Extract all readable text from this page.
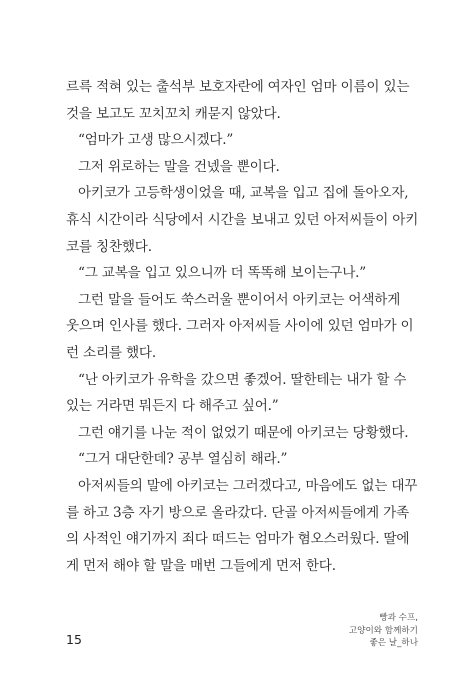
르륵 적혀 있는 출석부 보호자란에 여자인 엄마 이름이 있는
것을 보고도 꼬치꼬치 캐묻지 않았다.
“엄마가 고생 많으시겠다.”
그저 위로하는 말을 건넸을 뿐이다.
아키코가 고등학생이었을 때, 교복을 입고 집에 돌아오자,
휴식 시간이라 식당에서 시간을 보내고 있던 아저씨들이 아키
코를 칭찬했다.
“그 교복을 입고 있으니까 더 똑똑해 보이는구나.”
그런 말을 들어도 쑥스러울 뿐이어서 아키코는 어색하게
웃으며 인사를 했다. 그러자 아저씨들 사이에 있던 엄마가 이
런 소리를 했다.
“난 아키코가 유학을 갔으면 좋겠어. 딸한테는 내가 할 수
있는 거라면 뭐든지 다 해주고 싶어.”
그런 얘기를 나눈 적이 없었기 때문에 아키코는 당황했다.
“그거 대단한데? 공부 열심히 해라.”
아저씨들의 말에 아키코는 그러겠다고, 마음에도 없는 대꾸
를 하고 3층 자기 방으로 올라갔다. 단골 아저씨들에게 가족
의 사적인 얘기까지 죄다 떠드는 엄마가 혐오스러웠다. 딸에
게 먼저 해야 할 말을 매번 그들에게 먼저 한다.
빵과 수프,
고양이와 함께하기
좋은 날_하나
15
